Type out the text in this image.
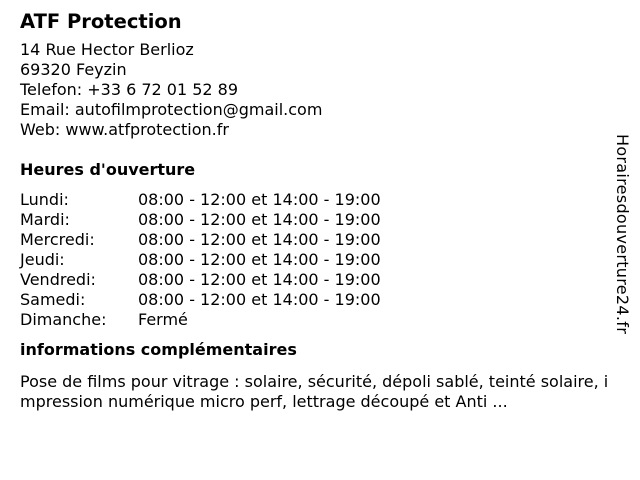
ATF Protection
14 Rue Hector Berlioz
69320 Feyzin
Telefon: +33 6 72 01 52 89
Email: autofilmprotection@gmail.com
Web: www.atfprotection.fr
Heures d'ouverture
Lundi:	08:00 - 12:00 et 14:00 - 19:00
Mardi:	08:00 - 12:00 et 14:00 - 19:00
Mercredi:	08:00 - 12:00 et 14:00 - 19:00
Jeudi:	08:00 - 12:00 et 14:00 - 19:00
Vendredi:	08:00 - 12:00 et 14:00 - 19:00
Samedi:	08:00 - 12:00 et 14:00 - 19:00
Dimanche:	Fermé
informations complémentaires
Pose de films pour vitrage : solaire, sécurité, dépoli sablé, teinté solaire, impression numérique micro perf, lettrage découpé et Anti ...
Horairesdouverture24.fr
